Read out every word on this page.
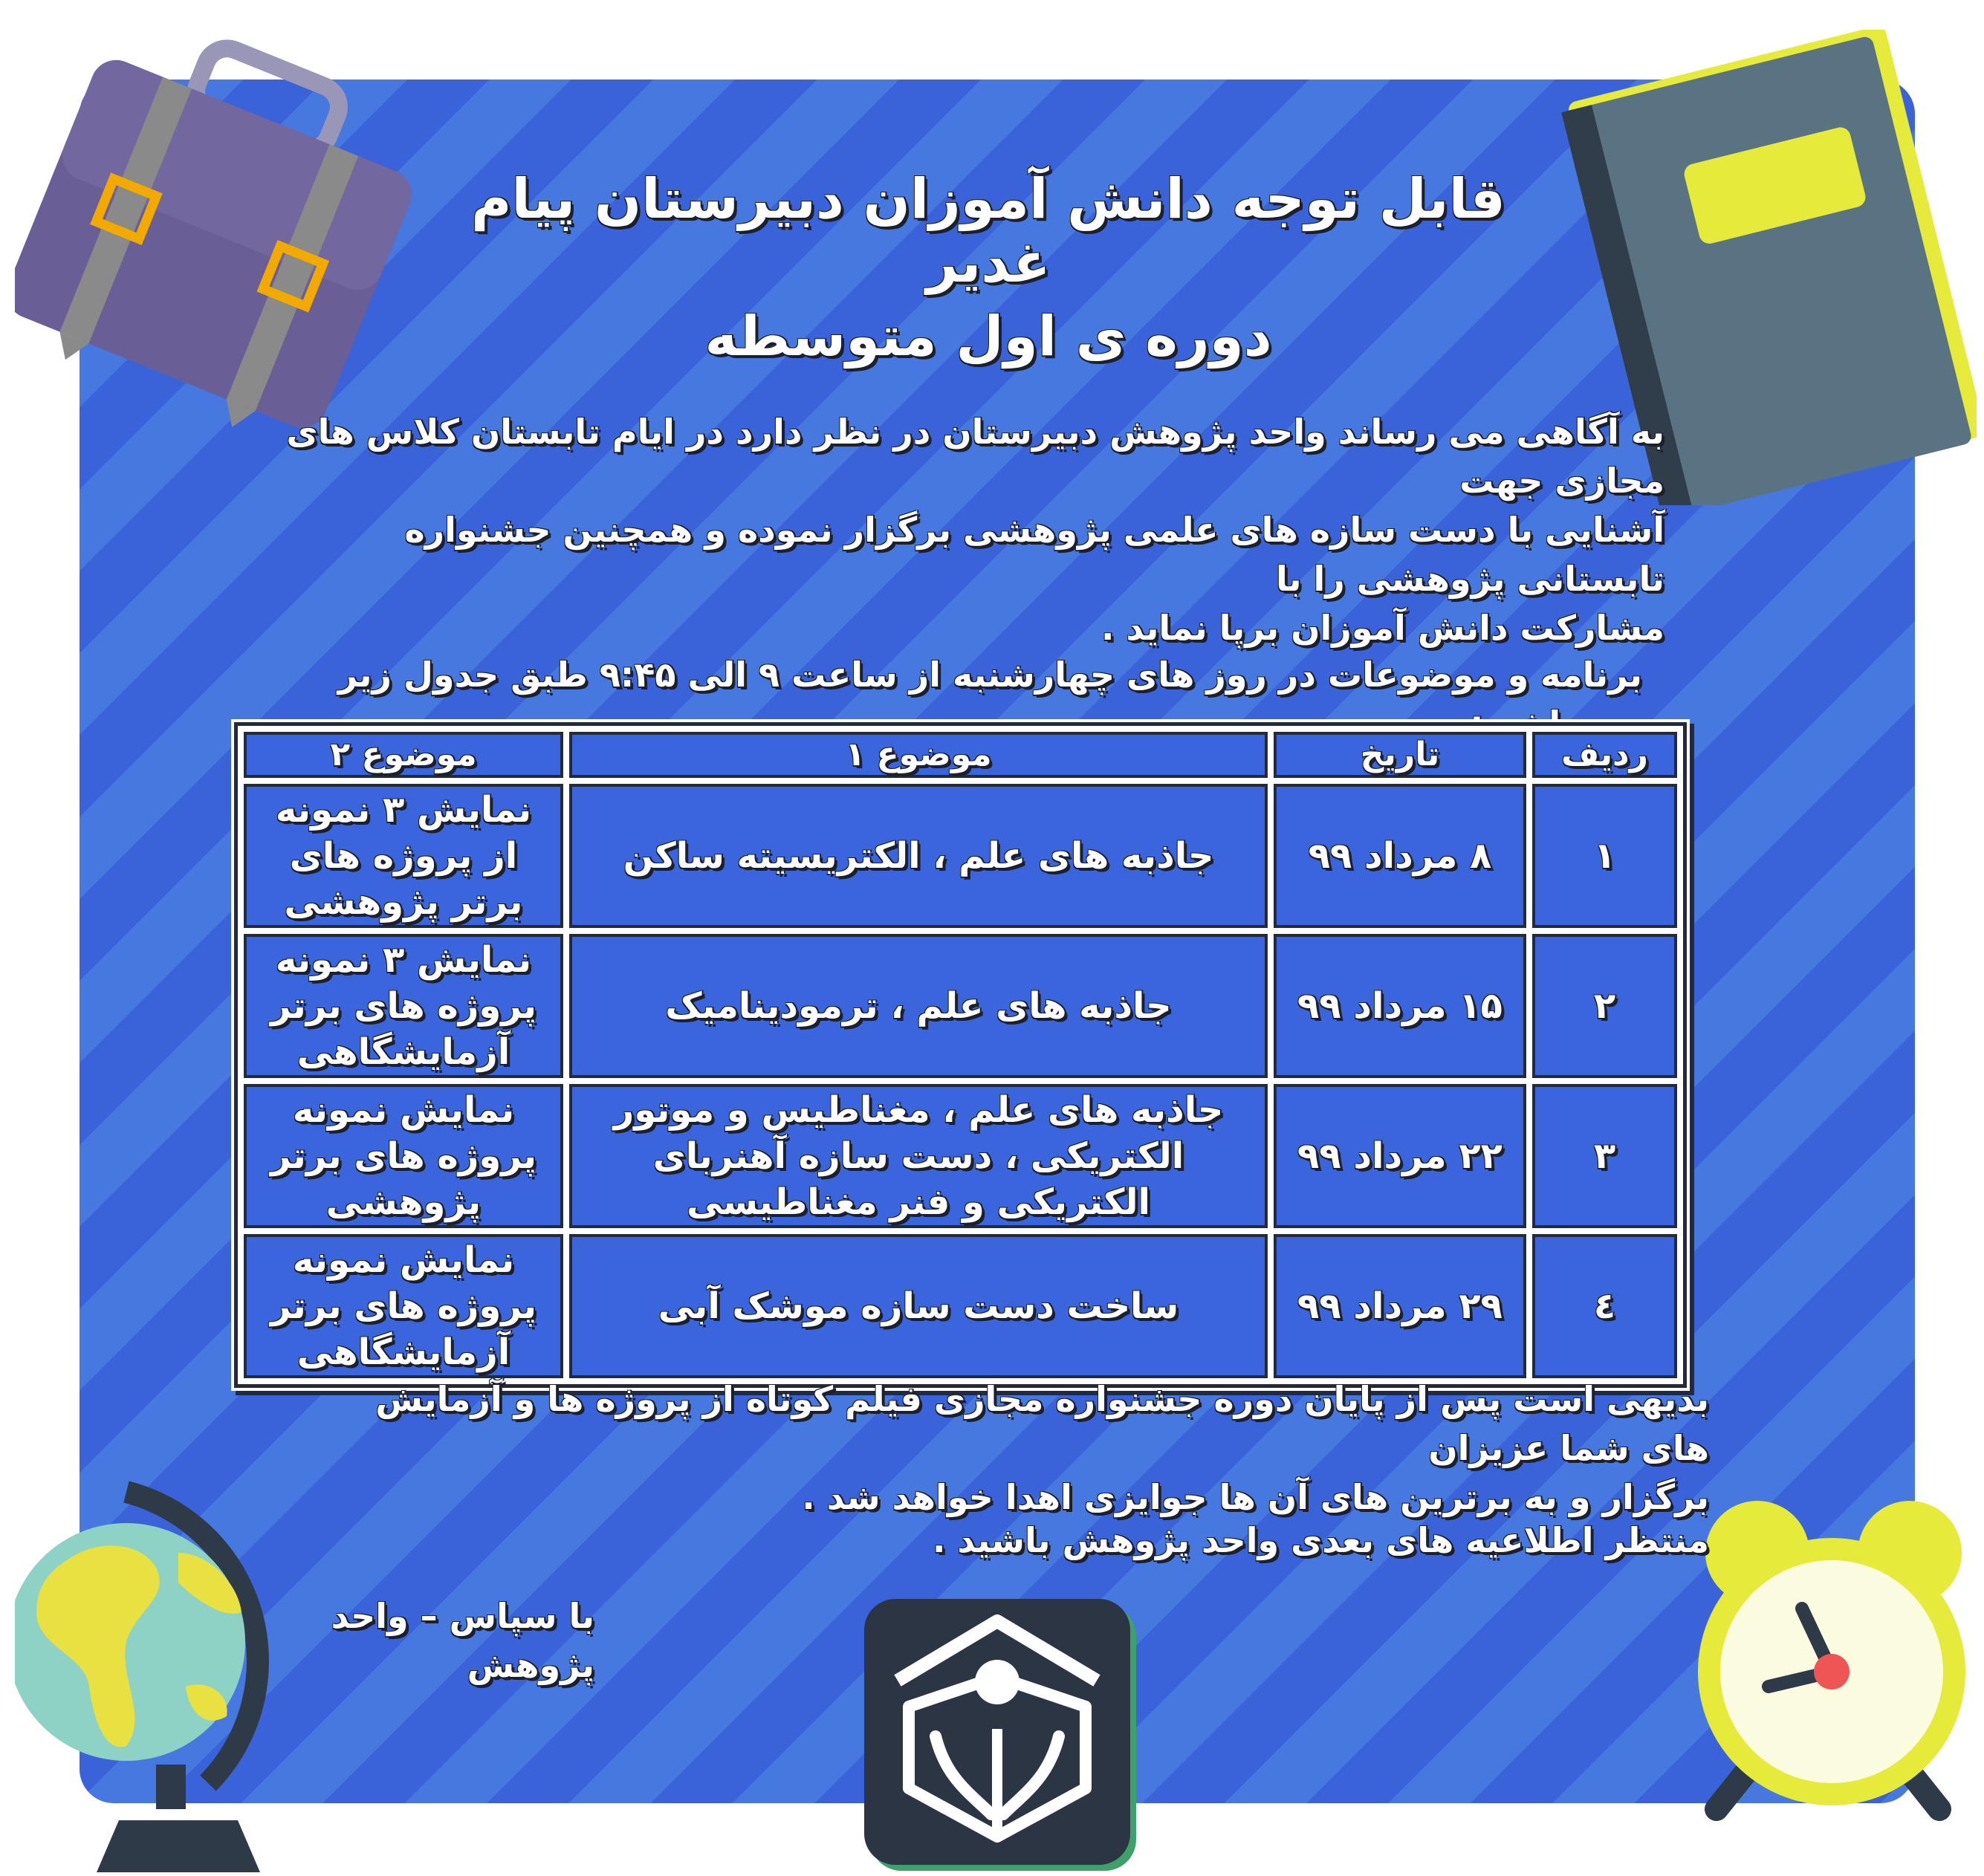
قابل توجه دانش آموزان دبیرستان پیام غدیر
دوره ی اول متوسطه
به آگاهی می رساند واحد پژوهش دبیرستان در نظر دارد در ایام تابستان کلاس های مجازی جهت
آشنایی با دست سازه های علمی پژوهشی برگزار نموده و همچنین جشنواره تابستانی پژوهشی را با
مشارکت دانش آموزان برپا نماید .
برنامه و موضوعات در روز های چهارشنبه از ساعت ۹ الی ۹:۴۵ طبق جدول زیر
ردیف	تاریخ	موضوع ۱	موضوع ۲
۱	۸ مرداد ۹۹	جاذبه های علم ، الکتریسیته ساکن	نمایش ۳ نمونه از پروژه های برتر پژوهشی
۲	۱۵ مرداد ۹۹	جاذبه های علم ، ترمودینامیک	نمایش ۳ نمونه پروژه های برتر آزمایشگاهی
۳	۲۲ مرداد ۹۹	جاذبه های علم ، مغناطیس و موتور الکتریکی ، دست سازه آهنربای الکتریکی و فنر مغناطیسی	نمایش نمونه پروژه های برتر پژوهشی
٤	۲۹ مرداد ۹۹	ساخت دست سازه موشک آبی	نمایش نمونه پروژه های برتر آزمایشگاهی
بدیهی است پس از پایان دوره جشنواره مجازی فیلم کوتاه از پروژه ها و آزمایش های شما عزیزان
برگزار و به برترین های آن ها جوایزی اهدا خواهد شد .
منتظر اطلاعیه های بعدی واحد پژوهش باشید .
با سپاس – واحد پژوهش
